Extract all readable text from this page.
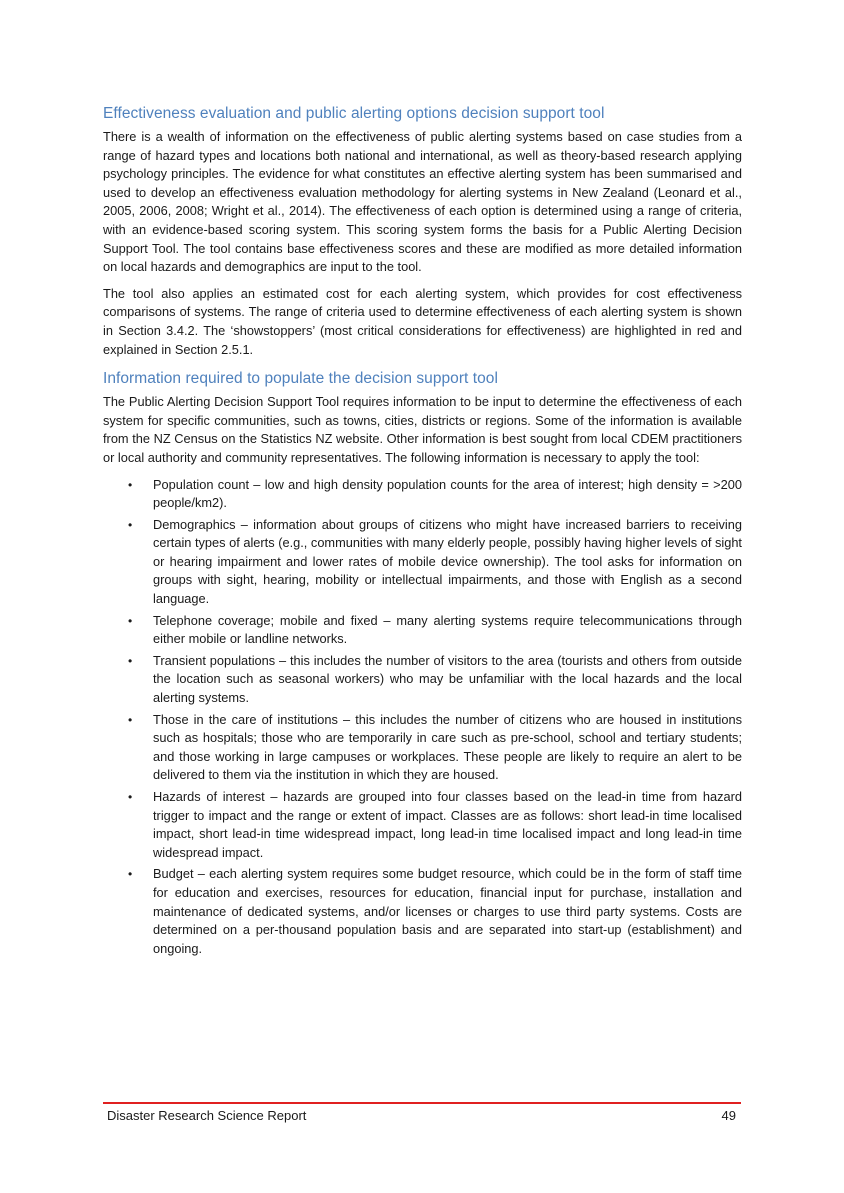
Effectiveness evaluation and public alerting options decision support tool

There is a wealth of information on the effectiveness of public alerting systems based on case studies from a range of hazard types and locations both national and international, as well as theory-based research applying psychology principles. The evidence for what constitutes an effective alerting system has been summarised and used to develop an effectiveness evaluation methodology for alerting systems in New Zealand (Leonard et al., 2005, 2006, 2008; Wright et al., 2014). The effectiveness of each option is determined using a range of criteria, with an evidence-based scoring system. This scoring system forms the basis for a Public Alerting Decision Support Tool. The tool contains base effectiveness scores and these are modified as more detailed information on local hazards and demographics are input to the tool.

The tool also applies an estimated cost for each alerting system, which provides for cost effectiveness comparisons of systems. The range of criteria used to determine effectiveness of each alerting system is shown in Section 3.4.2. The ‘showstoppers’ (most critical considerations for effectiveness) are highlighted in red and explained in Section 2.5.1.

Information required to populate the decision support tool

The Public Alerting Decision Support Tool requires information to be input to determine the effectiveness of each system for specific communities, such as towns, cities, districts or regions. Some of the information is available from the NZ Census on the Statistics NZ website. Other information is best sought from local CDEM practitioners or local authority and community representatives. The following information is necessary to apply the tool:

• Population count – low and high density population counts for the area of interest; high density = >200 people/km2).
• Demographics – information about groups of citizens who might have increased barriers to receiving certain types of alerts (e.g., communities with many elderly people, possibly having higher levels of sight or hearing impairment and lower rates of mobile device ownership). The tool asks for information on groups with sight, hearing, mobility or intellectual impairments, and those with English as a second language.
• Telephone coverage; mobile and fixed – many alerting systems require telecommunications through either mobile or landline networks.
• Transient populations – this includes the number of visitors to the area (tourists and others from outside the location such as seasonal workers) who may be unfamiliar with the local hazards and the local alerting systems.
• Those in the care of institutions – this includes the number of citizens who are housed in institutions such as hospitals; those who are temporarily in care such as pre-school, school and tertiary students; and those working in large campuses or workplaces. These people are likely to require an alert to be delivered to them via the institution in which they are housed.
• Hazards of interest – hazards are grouped into four classes based on the lead-in time from hazard trigger to impact and the range or extent of impact. Classes are as follows: short lead-in time localised impact, short lead-in time widespread impact, long lead-in time localised impact and long lead-in time widespread impact.
• Budget – each alerting system requires some budget resource, which could be in the form of staff time for education and exercises, resources for education, financial input for purchase, installation and maintenance of dedicated systems, and/or licenses or charges to use third party systems. Costs are determined on a per-thousand population basis and are separated into start-up (establishment) and ongoing.
Disaster Research Science Report	49
